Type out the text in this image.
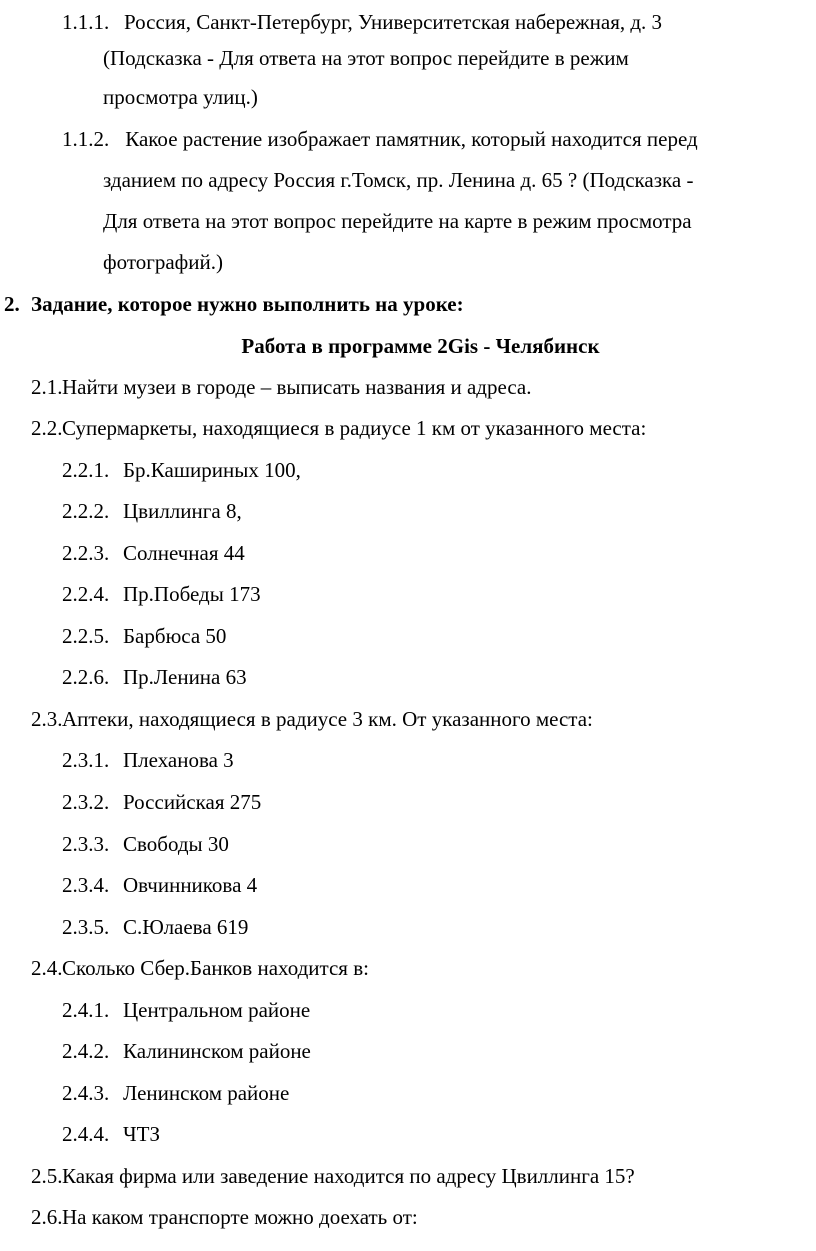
1.1.1. Россия, Санкт-Петербург, Университетская набережная, д. 3
(Подсказка - Для ответа на этот вопрос перейдите в режим
просмотра улиц.)
1.1.2. Какое растение изображает памятник, который находится перед
зданием по адресу Россия г.Томск, пр. Ленина д. 65 ? (Подсказка -
Для ответа на этот вопрос перейдите на карте в режим просмотра
фотографий.)
2. Задание, которое нужно выполнить на уроке:
Работа в программе 2Gis - Челябинск
2.1.Найти музеи в городе – выписать названия и адреса.
2.2.Супермаркеты, находящиеся в радиусе 1 км от указанного места:
2.2.1. Бр.Кашириных 100,
2.2.2. Цвиллинга 8,
2.2.3. Солнечная 44
2.2.4. Пр.Победы 173
2.2.5. Барбюса 50
2.2.6. Пр.Ленина 63
2.3.Аптеки, находящиеся в радиусе 3 км. От указанного места:
2.3.1. Плеханова 3
2.3.2. Российская 275
2.3.3. Свободы 30
2.3.4. Овчинникова 4
2.3.5. С.Юлаева 619
2.4.Сколько Сбер.Банков находится в:
2.4.1. Центральном районе
2.4.2. Калининском районе
2.4.3. Ленинском районе
2.4.4. ЧТЗ
2.5.Какая фирма или заведение находится по адресу Цвиллинга 15?
2.6.На каком транспорте можно доехать от:
